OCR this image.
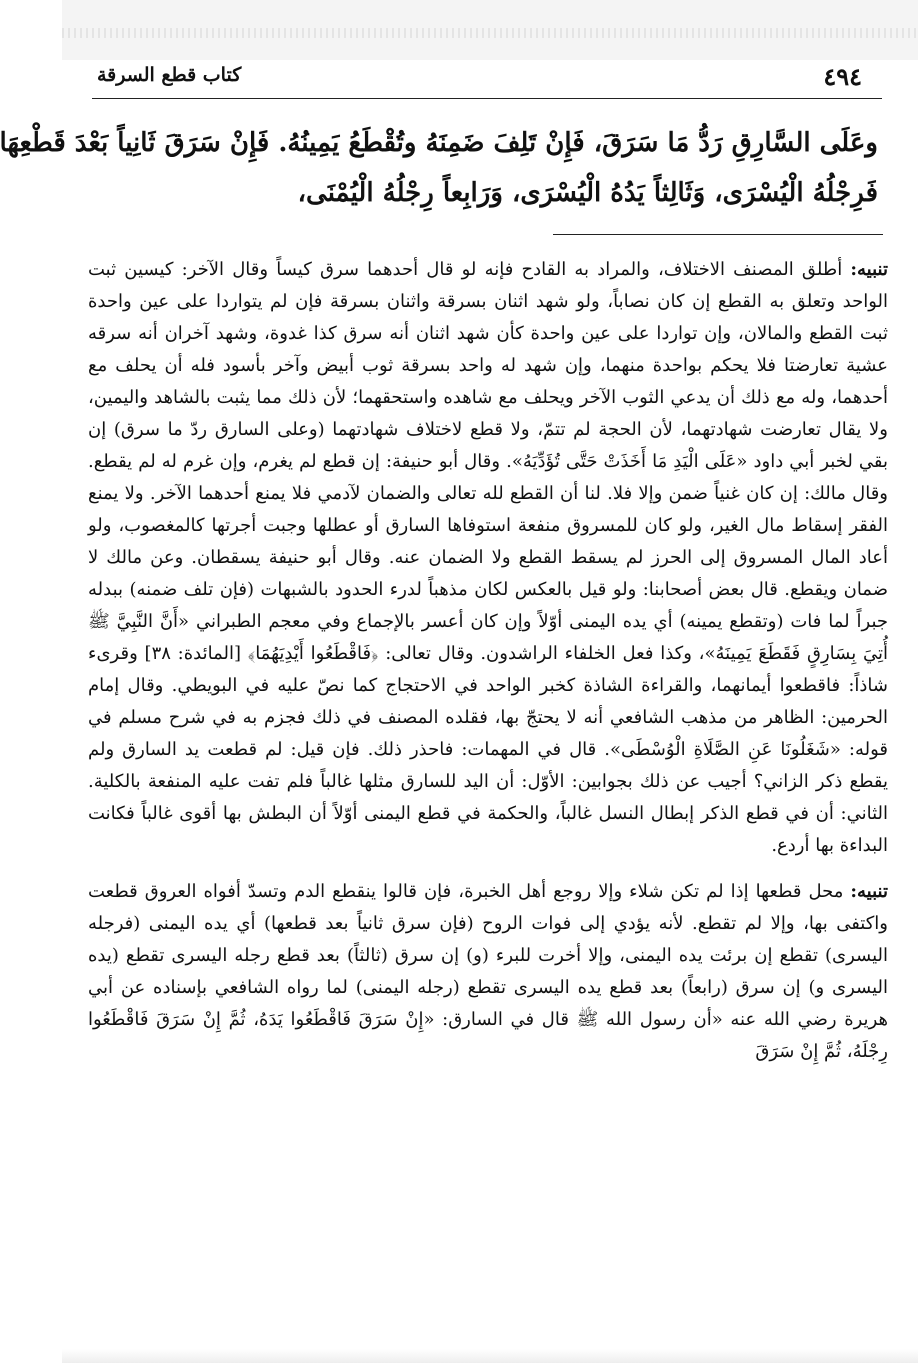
٤٩٤
كتاب قطع السرقة
وعَلَى السَّارِقِ رَدُّ مَا سَرَقَ، فَإِنْ تَلِفَ ضَمِنَهُ وتُقْطَعُ يَمِينُهُ. فَإِنْ سَرَقَ ثَانِياً بَعْدَ قَطْعِهَا
فَرِجْلُهُ الْيُسْرَى، وَثَالِثاً يَدُهُ الْيُسْرَى، وَرَابِعاً رِجْلُهُ الْيُمْنَى،

تنبيه: أطلق المصنف الاختلاف، والمراد به القادح فإنه لو قال أحدهما سرق كيساً وقال الآخر: كيسين ثبت الواحد وتعلق به القطع إن كان نصاباً، ولو شهد اثنان بسرقة واثنان بسرقة فإن لم يتواردا على عين واحدة ثبت القطع والمالان، وإن تواردا على عين واحدة كأن شهد اثنان أنه سرق كذا غدوة، وشهد آخران أنه سرقه عشية تعارضتا فلا يحكم بواحدة منهما، وإن شهد له واحد بسرقة ثوب أبيض وآخر بأسود فله أن يحلف مع أحدهما، وله مع ذلك أن يدعي الثوب الآخر ويحلف مع شاهده واستحقهما؛ لأن ذلك مما يثبت بالشاهد واليمين، ولا يقال تعارضت شهادتهما، لأن الحجة لم تتمّ، ولا قطع لاختلاف شهادتهما (وعلى السارق ردّ ما سرق) إن بقي لخبر أبي داود «عَلَى الْيَدِ مَا أَخَذَتْ حَتَّى تُؤَدِّيَهُ». وقال أبو حنيفة: إن قطع لم يغرم، وإن غرم له لم يقطع. وقال مالك: إن كان غنياً ضمن وإلا فلا. لنا أن القطع لله تعالى والضمان لآدمي فلا يمنع أحدهما الآخر. ولا يمنع الفقر إسقاط مال الغير، ولو كان للمسروق منفعة استوفاها السارق أو عطلها وجبت أجرتها كالمغصوب، ولو أعاد المال المسروق إلى الحرز لم يسقط القطع ولا الضمان عنه. وقال أبو حنيفة يسقطان. وعن مالك لا ضمان ويقطع. قال بعض أصحابنا: ولو قيل بالعكس لكان مذهباً لدرء الحدود بالشبهات (فإن تلف ضمنه) ببدله جبراً لما فات (وتقطع يمينه) أي يده اليمنى أوّلاً وإن كان أعسر بالإجماع وفي معجم الطبراني «أَنَّ النَّبِيَّ ﷺ أُتِيَ بِسَارِقٍ فَقَطَعَ يَمِينَهُ»، وكذا فعل الخلفاء الراشدون. وقال تعالى: ﴿فَاقْطَعُوا أَيْدِيَهُمَا﴾ [المائدة: ٣٨] وقرىء شاذاً: فاقطعوا أيمانهما، والقراءة الشاذة كخبر الواحد في الاحتجاج كما نصّ عليه في البويطي. وقال إمام الحرمين: الظاهر من مذهب الشافعي أنه لا يحتجّ بها، فقلده المصنف في ذلك فجزم به في شرح مسلم في قوله: «شَغَلُونَا عَنِ الصَّلَاةِ الْوُسْطَى». قال في المهمات: فاحذر ذلك. فإن قيل: لم قطعت يد السارق ولم يقطع ذكر الزاني؟ أجيب عن ذلك بجوابين: الأوّل: أن اليد للسارق مثلها غالباً فلم تفت عليه المنفعة بالكلية. الثاني: أن في قطع الذكر إبطال النسل غالباً، والحكمة في قطع اليمنى أوّلاً أن البطش بها أقوى غالباً فكانت البداءة بها أردع.

تنبيه: محل قطعها إذا لم تكن شلاء وإلا روجع أهل الخبرة، فإن قالوا ينقطع الدم وتسدّ أفواه العروق قطعت واكتفى بها، وإلا لم تقطع. لأنه يؤدي إلى فوات الروح (فإن سرق ثانياً بعد قطعها) أي يده اليمنى (فرجله اليسرى) تقطع إن برئت يده اليمنى، وإلا أخرت للبرء (و) إن سرق (ثالثاً) بعد قطع رجله اليسرى تقطع (يده اليسرى و) إن سرق (رابعاً) بعد قطع يده اليسرى تقطع (رجله اليمنى) لما رواه الشافعي بإسناده عن أبي هريرة رضي الله عنه «أن رسول الله ﷺ قال في السارق: «إِنْ سَرَقَ فَاقْطَعُوا يَدَهُ، ثُمَّ إِنْ سَرَقَ فَاقْطَعُوا رِجْلَهُ، ثُمَّ إِنْ سَرَقَ
